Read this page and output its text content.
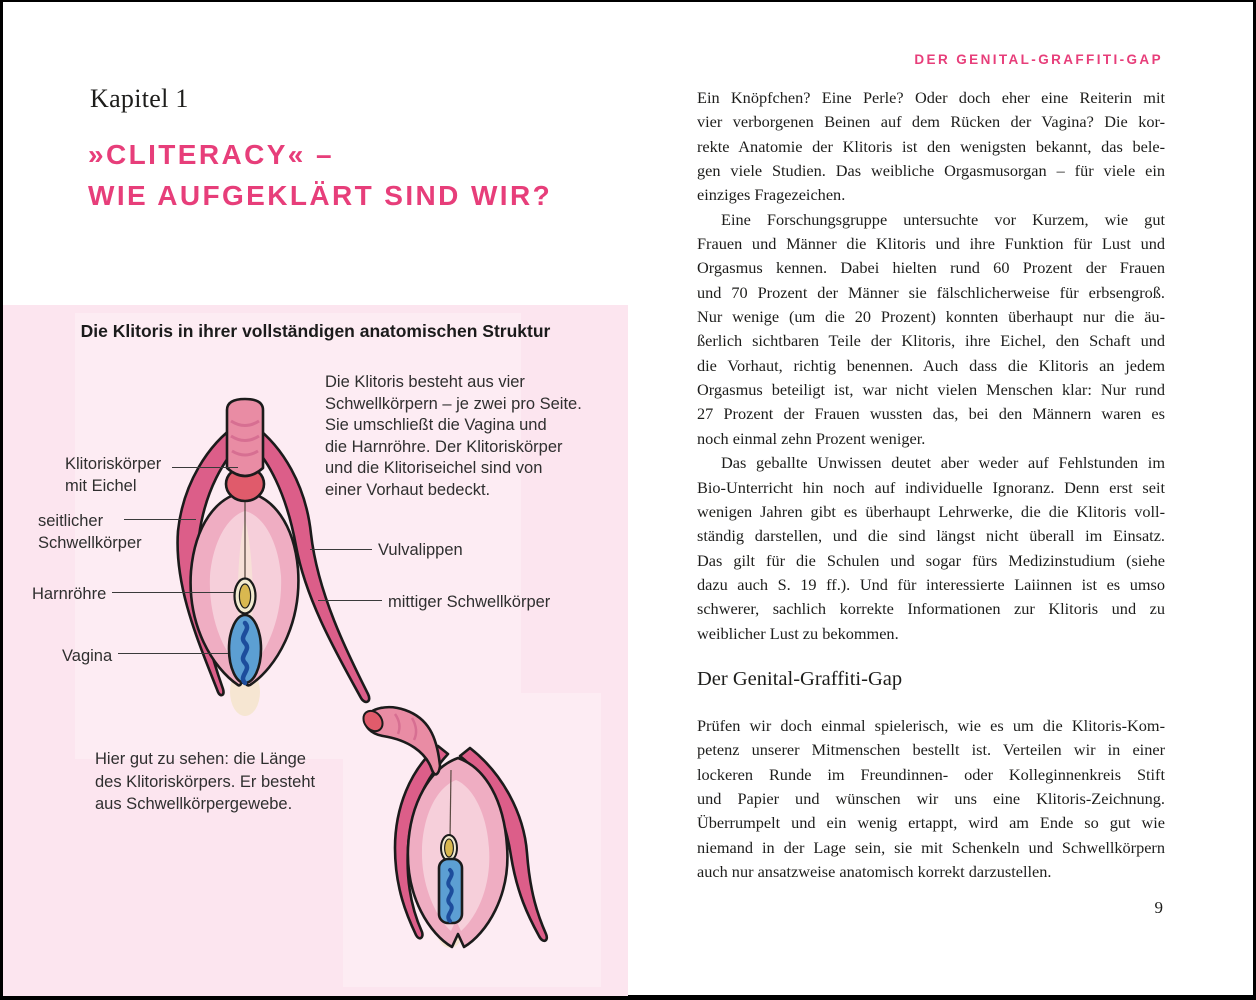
Kapitel 1
»CLITERACY« –
WIE AUFGEKLÄRT SIND WIR?
Die Klitoris in ihrer vollständigen anatomischen Struktur
Die Klitoris besteht aus vier
Schwellkörpern – je zwei pro Seite.
Sie umschließt die Vagina und
die Harnröhre. Der Klitoriskörper
und die Klitoriseichel sind von
einer Vorhaut bedeckt.
Hier gut zu sehen: die Länge
des Klitoriskörpers. Er besteht
aus Schwellkörpergewebe.
Klitoriskörper
mit Eichel
seitlicher
Schwellkörper
Harnröhre
Vagina
Vulvalippen
mittiger Schwellkörper
DER GENITAL-GRAFFITI-GAP
Ein Knöpfchen? Eine Perle? Oder doch eher eine Reiterin mit
vier verborgenen Beinen auf dem Rücken der Vagina? Die kor-
rekte Anatomie der Klitoris ist den wenigsten bekannt, das bele-
gen viele Studien. Das weibliche Orgasmusorgan – für viele ein
einziges Fragezeichen.
Eine Forschungsgruppe untersuchte vor Kurzem, wie gut
Frauen und Männer die Klitoris und ihre Funktion für Lust und
Orgasmus kennen. Dabei hielten rund 60 Prozent der Frauen
und 70 Prozent der Männer sie fälschlicherweise für erbsengroß.
Nur wenige (um die 20 Prozent) konnten überhaupt nur die äu-
ßerlich sichtbaren Teile der Klitoris, ihre Eichel, den Schaft und
die Vorhaut, richtig benennen. Auch dass die Klitoris an jedem
Orgasmus beteiligt ist, war nicht vielen Menschen klar: Nur rund
27 Prozent der Frauen wussten das, bei den Männern waren es
noch einmal zehn Prozent weniger.
Das geballte Unwissen deutet aber weder auf Fehlstunden im
Bio-Unterricht hin noch auf individuelle Ignoranz. Denn erst seit
wenigen Jahren gibt es überhaupt Lehrwerke, die die Klitoris voll-
ständig darstellen, und die sind längst nicht überall im Einsatz.
Das gilt für die Schulen und sogar fürs Medizinstudium (siehe
dazu auch S. 19 ff.). Und für interessierte Laiinnen ist es umso
schwerer, sachlich korrekte Informationen zur Klitoris und zu
weiblicher Lust zu bekommen.
Der Genital-Graffiti-Gap
Prüfen wir doch einmal spielerisch, wie es um die Klitoris-Kom-
petenz unserer Mitmenschen bestellt ist. Verteilen wir in einer
lockeren Runde im Freundinnen- oder Kolleginnenkreis Stift
und Papier und wünschen wir uns eine Klitoris-Zeichnung.
Überrumpelt und ein wenig ertappt, wird am Ende so gut wie
niemand in der Lage sein, sie mit Schenkeln und Schwellkörpern
auch nur ansatzweise anatomisch korrekt darzustellen.
9
